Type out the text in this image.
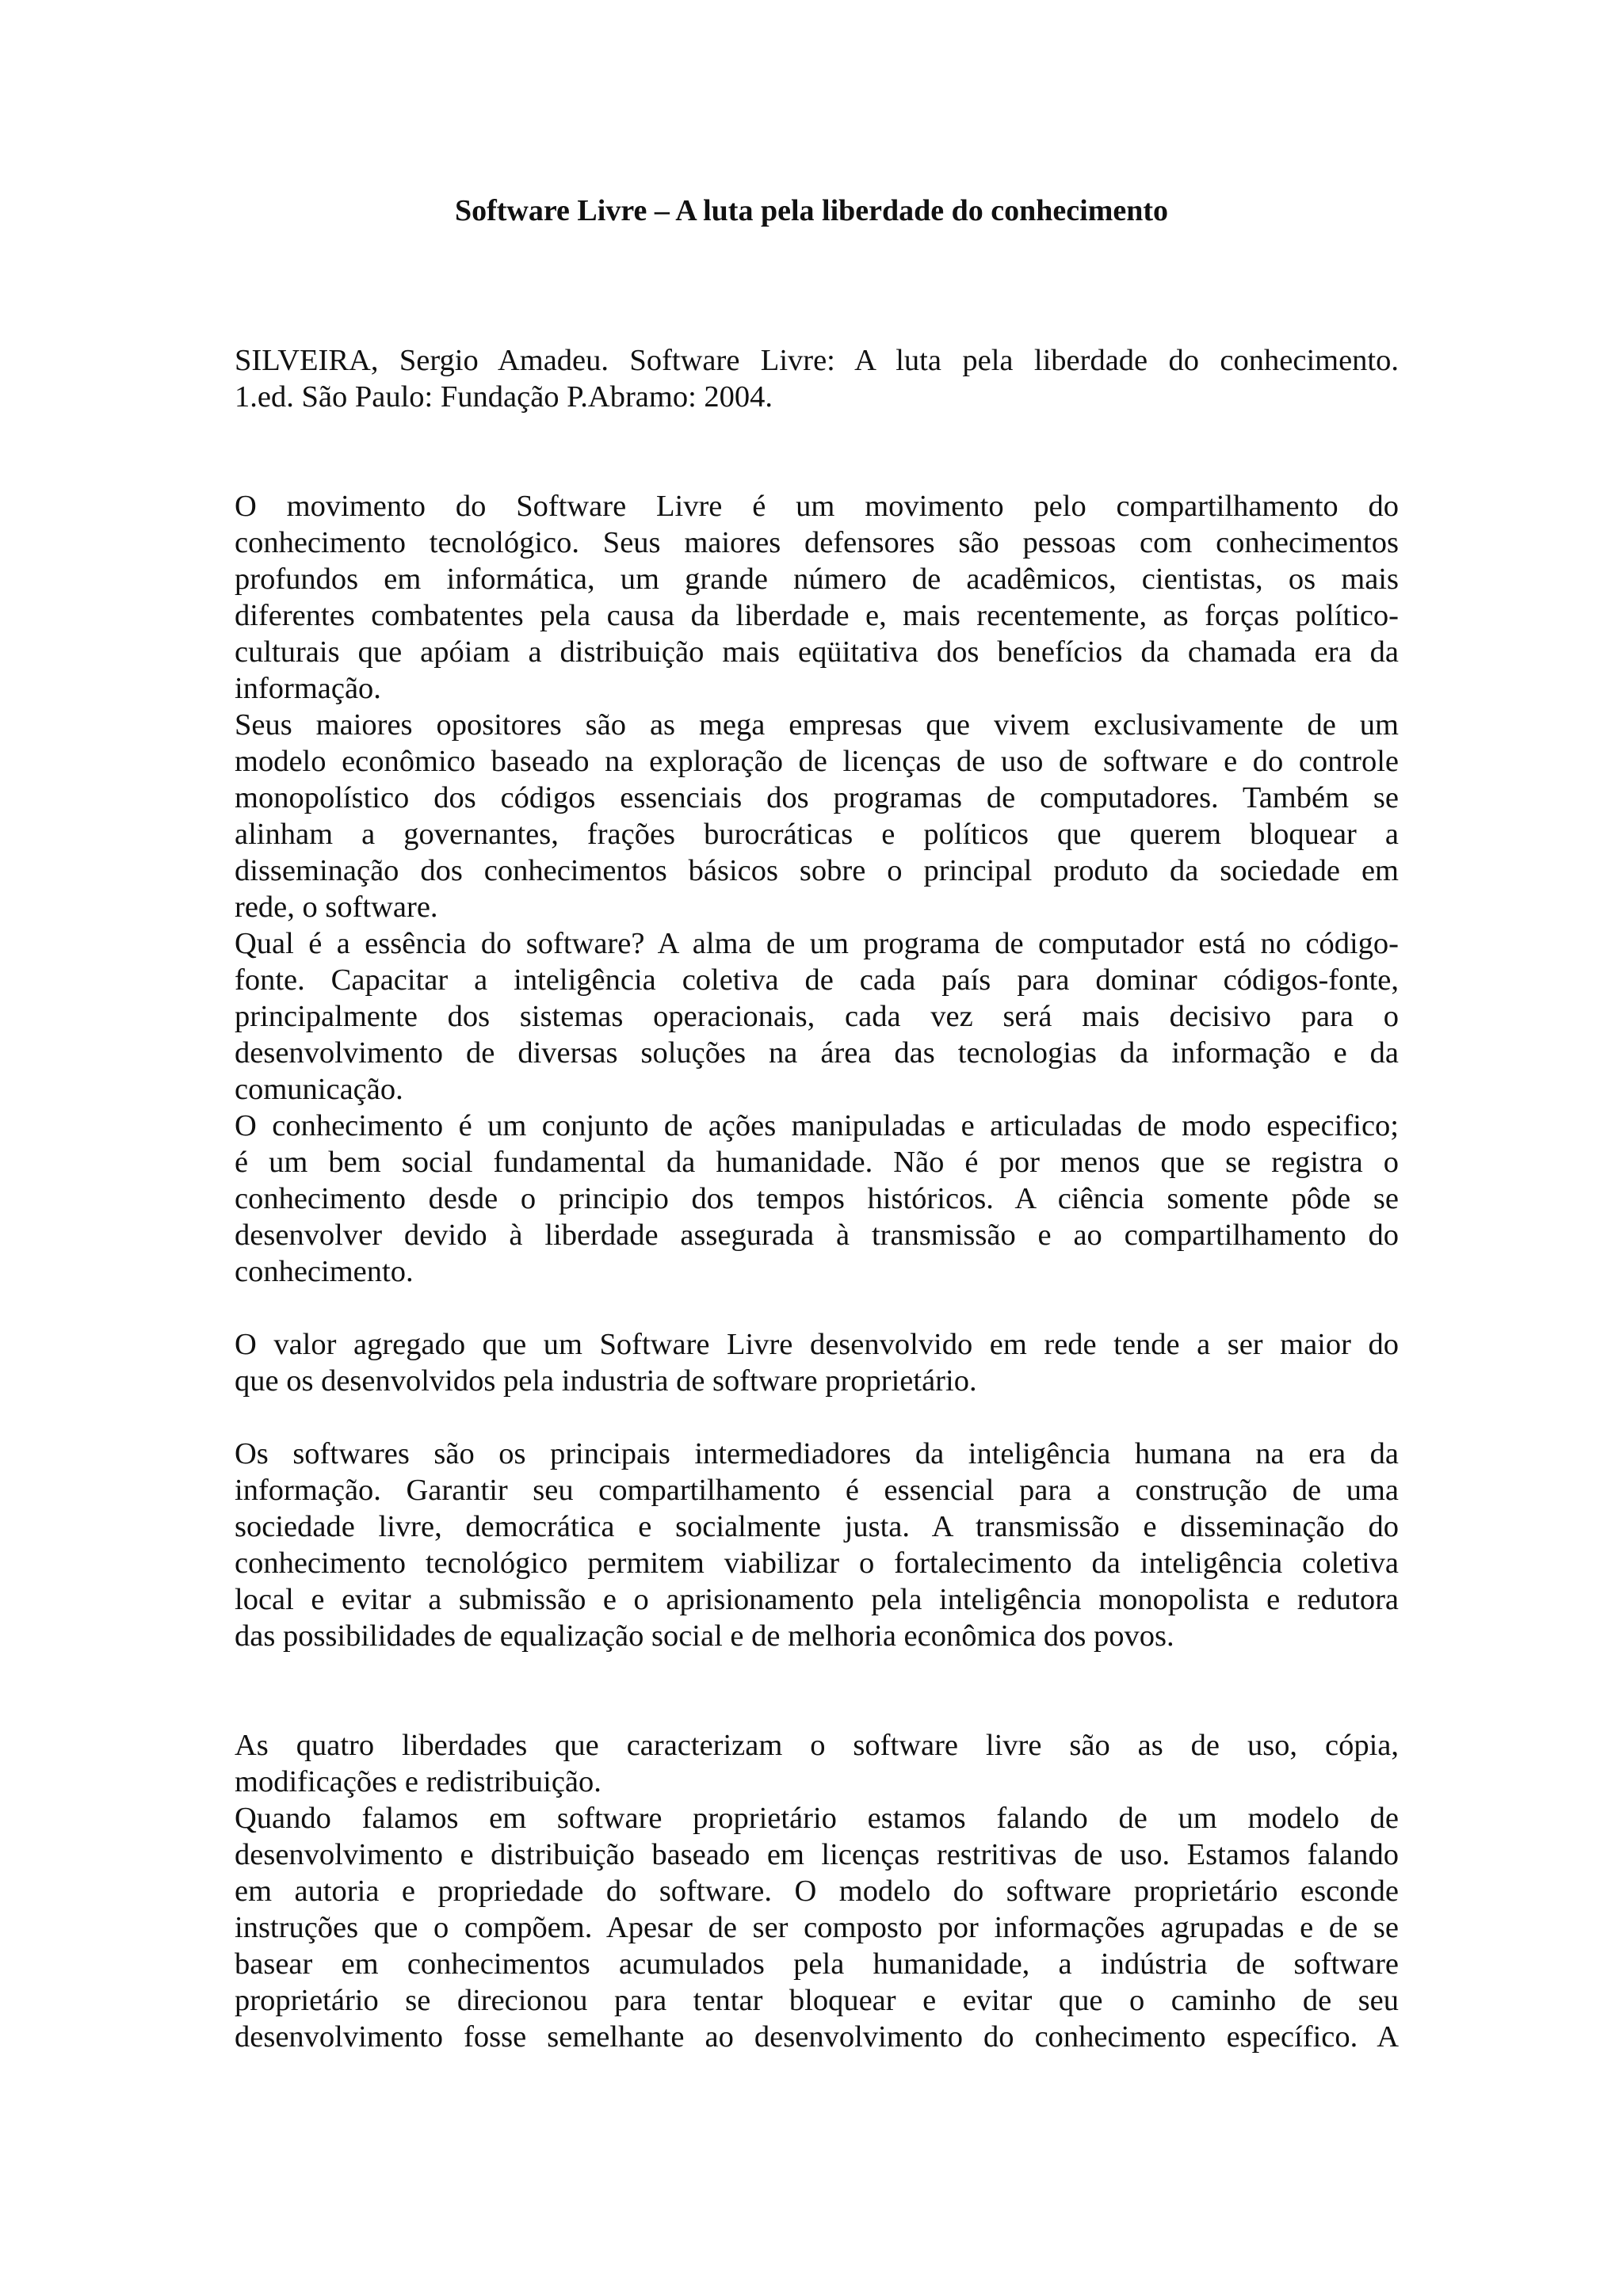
Software Livre – A luta pela liberdade do conhecimento
SILVEIRA, Sergio Amadeu. Software Livre: A luta pela liberdade do conhecimento.
1.ed. São Paulo: Fundação P.Abramo: 2004.
O movimento do Software Livre é um movimento pelo compartilhamento do
conhecimento tecnológico. Seus maiores defensores são pessoas com conhecimentos
profundos em informática, um grande número de acadêmicos, cientistas, os mais
diferentes combatentes pela causa da liberdade e, mais recentemente, as forças político-
culturais que apóiam a distribuição mais eqüitativa dos benefícios da chamada era da
informação.
Seus maiores opositores são as mega empresas que vivem exclusivamente de um
modelo econômico baseado na exploração de licenças de uso de software e do controle
monopolístico dos códigos essenciais dos programas de computadores. Também se
alinham a governantes, frações burocráticas e políticos que querem bloquear a
disseminação dos conhecimentos básicos sobre o principal produto da sociedade em
rede, o software.
Qual é a essência do software? A alma de um programa de computador está no código-
fonte. Capacitar a inteligência coletiva de cada país para dominar códigos-fonte,
principalmente dos sistemas operacionais, cada vez será mais decisivo para o
desenvolvimento de diversas soluções na área das tecnologias da informação e da
comunicação.
O conhecimento é um conjunto de ações manipuladas e articuladas de modo especifico;
é um bem social fundamental da humanidade. Não é por menos que se registra o
conhecimento desde o principio dos tempos históricos. A ciência somente pôde se
desenvolver devido à liberdade assegurada à transmissão e ao compartilhamento do
conhecimento.
O valor agregado que um Software Livre desenvolvido em rede tende a ser maior do
que os desenvolvidos pela industria de software proprietário.
Os softwares são os principais intermediadores da inteligência humana na era da
informação. Garantir seu compartilhamento é essencial para a construção de uma
sociedade livre, democrática e socialmente justa. A transmissão e disseminação do
conhecimento tecnológico permitem viabilizar o fortalecimento da inteligência coletiva
local e evitar a submissão e o aprisionamento pela inteligência monopolista e redutora
das possibilidades de equalização social e de melhoria econômica dos povos.
As quatro liberdades que caracterizam o software livre são as de uso, cópia,
modificações e redistribuição.
Quando falamos em software proprietário estamos falando de um modelo de
desenvolvimento e distribuição baseado em licenças restritivas de uso. Estamos falando
em autoria e propriedade do software. O modelo do software proprietário esconde
instruções que o compõem. Apesar de ser composto por informações agrupadas e de se
basear em conhecimentos acumulados pela humanidade, a indústria de software
proprietário se direcionou para tentar bloquear e evitar que o caminho de seu
desenvolvimento fosse semelhante ao desenvolvimento do conhecimento específico. A
